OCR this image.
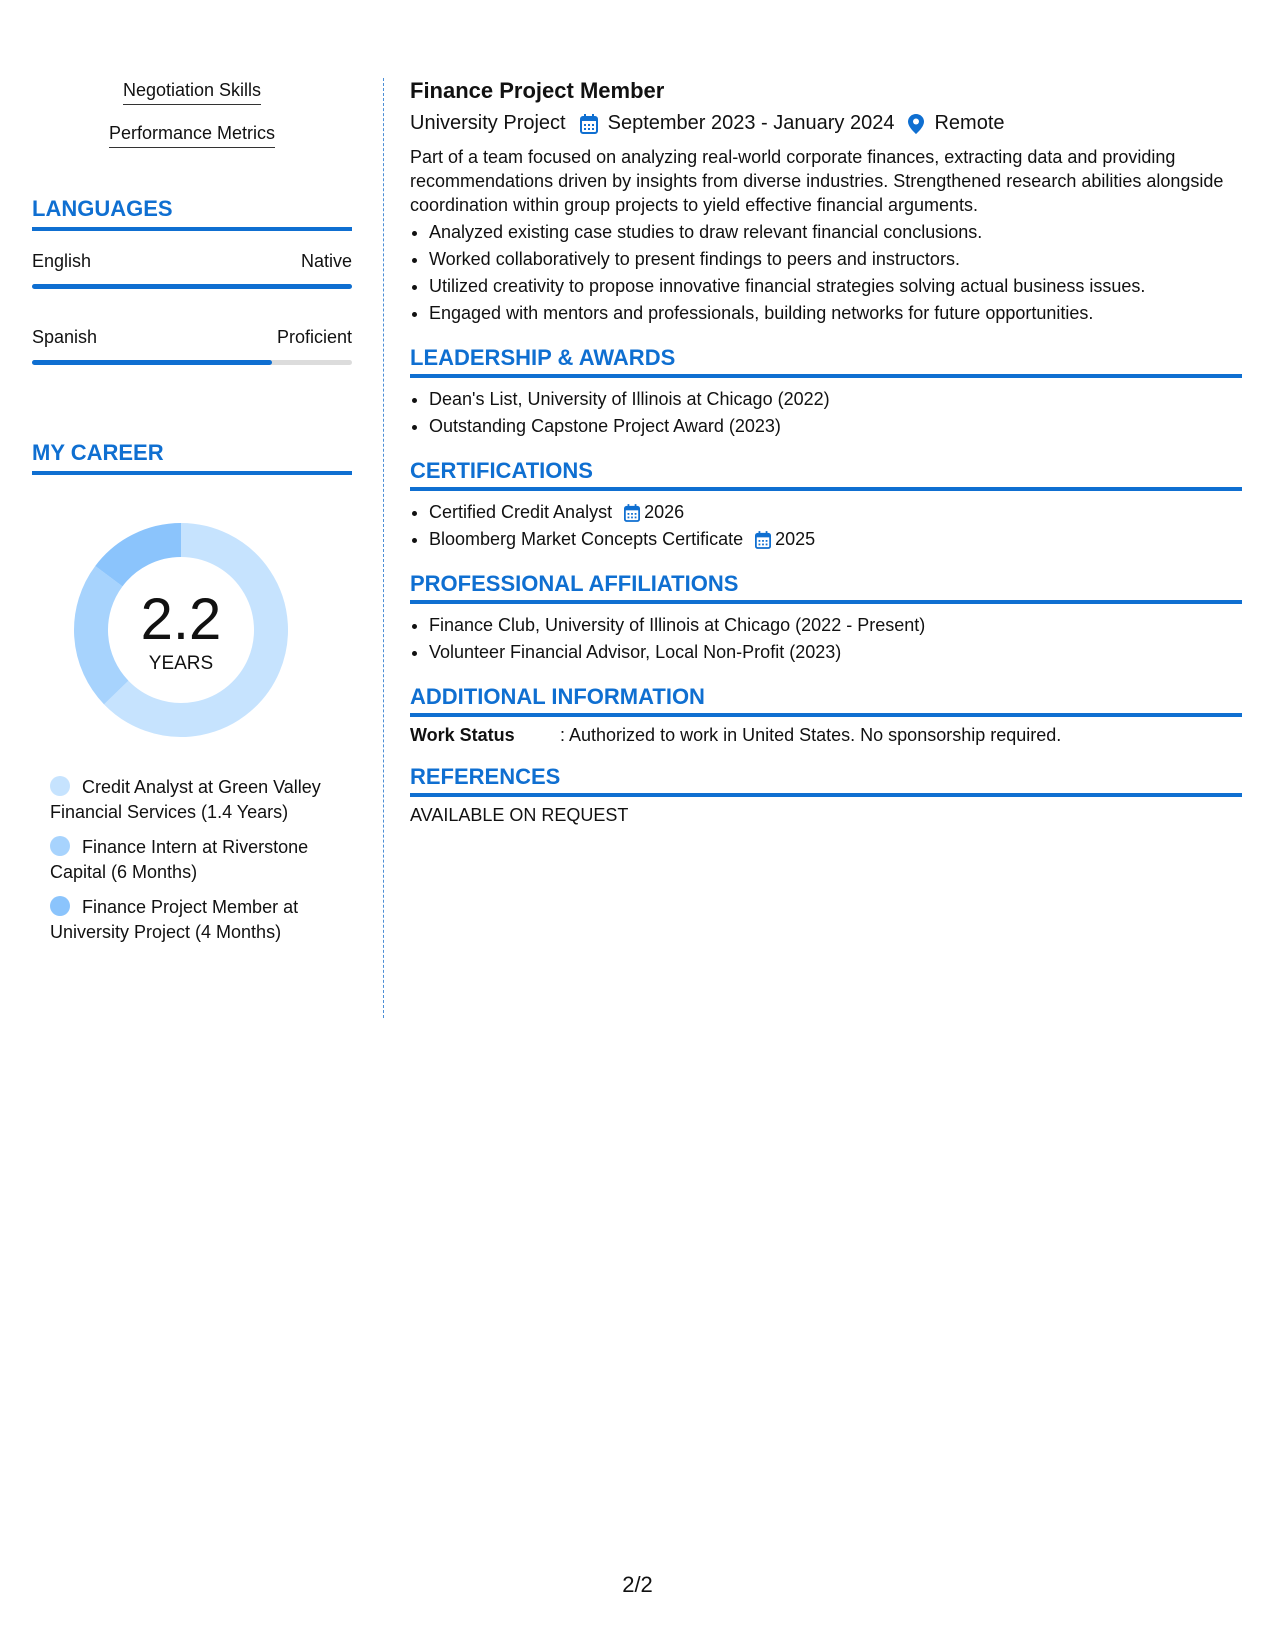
Negotiation Skills
Performance Metrics
LANGUAGES
English	Native
Spanish	Proficient
MY CAREER
2.2
YEARS
Credit Analyst at Green Valley Financial Services (1.4 Years)
Finance Intern at Riverstone Capital (6 Months)
Finance Project Member at University Project (4 Months)
Finance Project Member
University Project September 2023 - January 2024 Remote
Part of a team focused on analyzing real-world corporate finances, extracting data and providing recommendations driven by insights from diverse industries. Strengthened research abilities alongside coordination within group projects to yield effective financial arguments.
• Analyzed existing case studies to draw relevant financial conclusions.
• Worked collaboratively to present findings to peers and instructors.
• Utilized creativity to propose innovative financial strategies solving actual business issues.
• Engaged with mentors and professionals, building networks for future opportunities.
LEADERSHIP & AWARDS
• Dean's List, University of Illinois at Chicago (2022)
• Outstanding Capstone Project Award (2023)
CERTIFICATIONS
• Certified Credit Analyst 2026
• Bloomberg Market Concepts Certificate 2025
PROFESSIONAL AFFILIATIONS
• Finance Club, University of Illinois at Chicago (2022 - Present)
• Volunteer Financial Advisor, Local Non-Profit (2023)
ADDITIONAL INFORMATION
Work Status	: Authorized to work in United States. No sponsorship required.
REFERENCES
AVAILABLE ON REQUEST
2/2
